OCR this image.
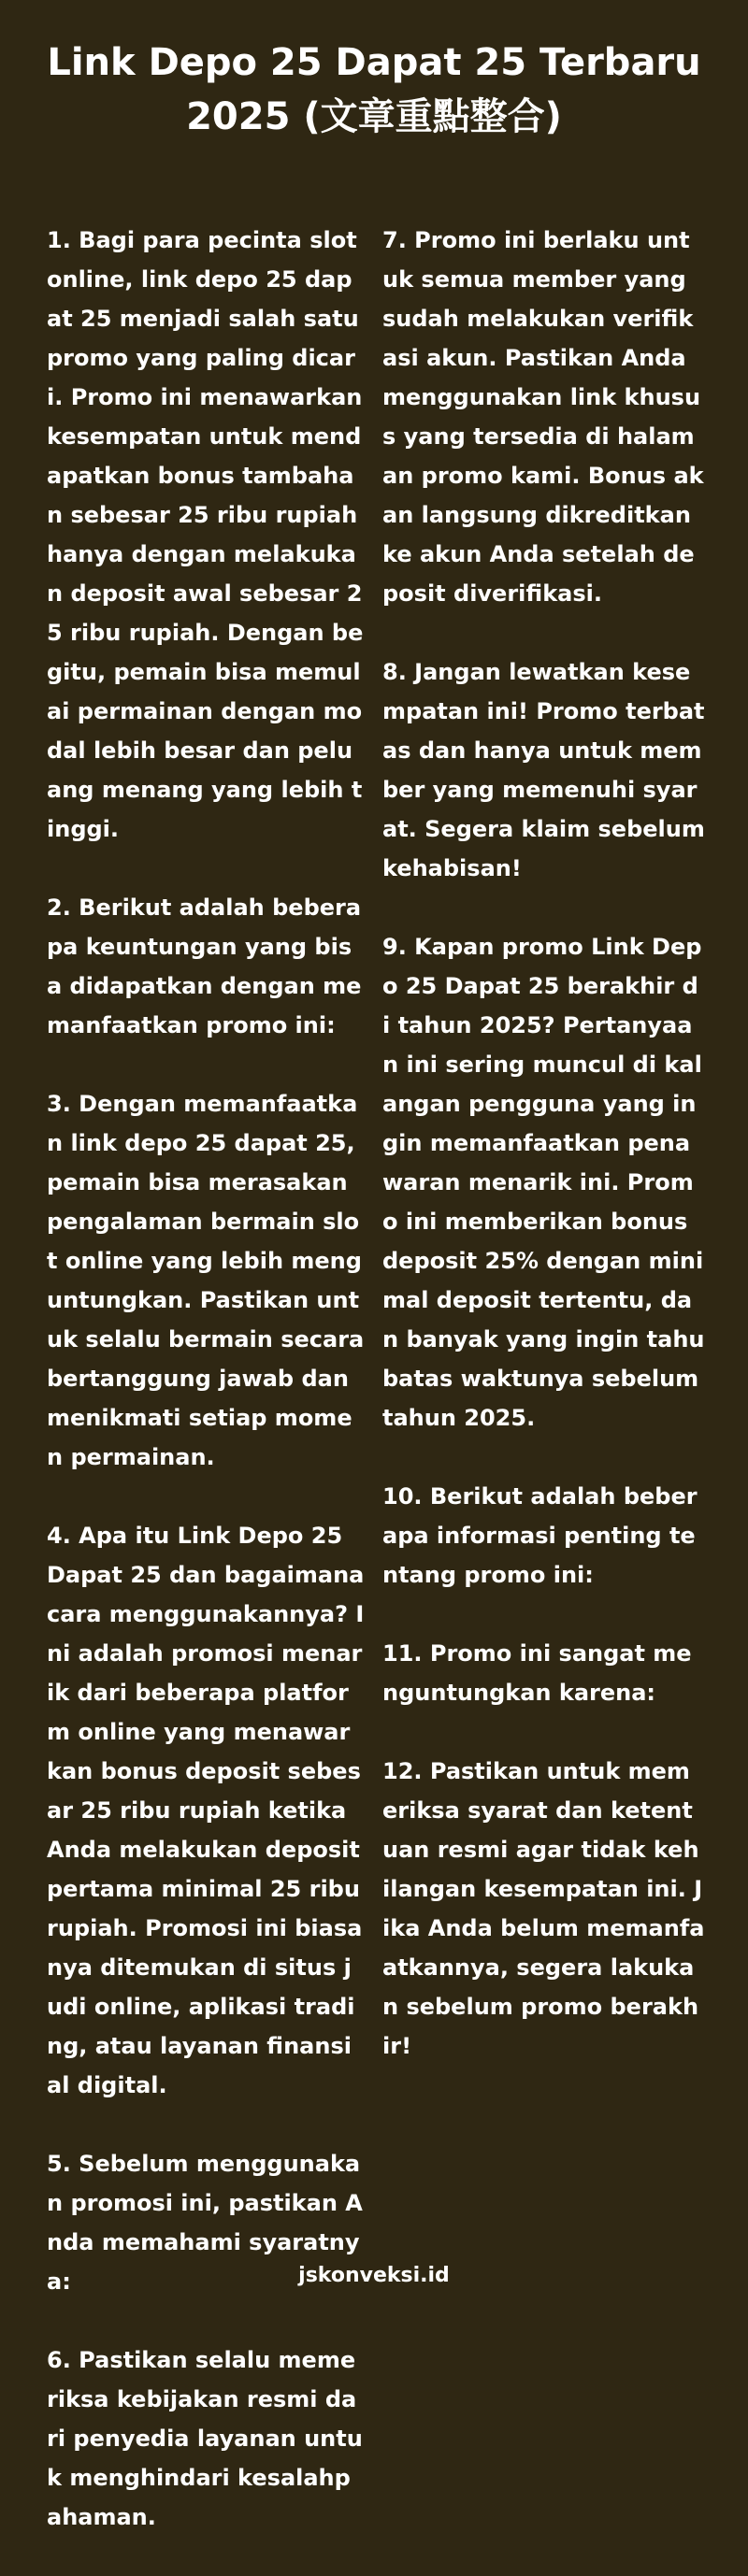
Link Depo 25 Dapat 25 Terbaru 2025 (文章重點整合)

1. Bagi para pecinta slot online, link depo 25 dapat 25 menjadi salah satu promo yang paling dicari. Promo ini menawarkan kesempatan untuk mendapatkan bonus tambahan sebesar 25 ribu rupiah hanya dengan melakukan deposit awal sebesar 25 ribu rupiah. Dengan begitu, pemain bisa memulai permainan dengan modal lebih besar dan peluang menang yang lebih tinggi.

2. Berikut adalah beberapa keuntungan yang bisa didapatkan dengan memanfaatkan promo ini:

3. Dengan memanfaatkan link depo 25 dapat 25, pemain bisa merasakan pengalaman bermain slot online yang lebih menguntungkan. Pastikan untuk selalu bermain secara bertanggung jawab dan menikmati setiap momen permainan.

4. Apa itu Link Depo 25 Dapat 25 dan bagaimana cara menggunakannya? Ini adalah promosi menarik dari beberapa platform online yang menawarkan bonus deposit sebesar 25 ribu rupiah ketika Anda melakukan deposit pertama minimal 25 ribu rupiah. Promosi ini biasanya ditemukan di situs judi online, aplikasi trading, atau layanan finansial digital.

5. Sebelum menggunakan promosi ini, pastikan Anda memahami syaratnya:

6. Pastikan selalu memeriksa kebijakan resmi dari penyedia layanan untuk menghindari kesalahpahaman.

7. Promo ini berlaku untuk semua member yang sudah melakukan verifikasi akun. Pastikan Anda menggunakan link khusus yang tersedia di halaman promo kami. Bonus akan langsung dikreditkan ke akun Anda setelah deposit diverifikasi.

8. Jangan lewatkan kesempatan ini! Promo terbatas dan hanya untuk member yang memenuhi syarat. Segera klaim sebelum kehabisan!

9. Kapan promo Link Depo 25 Dapat 25 berakhir di tahun 2025? Pertanyaan ini sering muncul di kalangan pengguna yang ingin memanfaatkan penawaran menarik ini. Promo ini memberikan bonus deposit 25% dengan minimal deposit tertentu, dan banyak yang ingin tahu batas waktunya sebelum tahun 2025.

10. Berikut adalah beberapa informasi penting tentang promo ini:

11. Promo ini sangat menguntungkan karena:

12. Pastikan untuk memeriksa syarat dan ketentuan resmi agar tidak kehilangan kesempatan ini. Jika Anda belum memanfaatkannya, segera lakukan sebelum promo berakhir!

jskonveksi.id
